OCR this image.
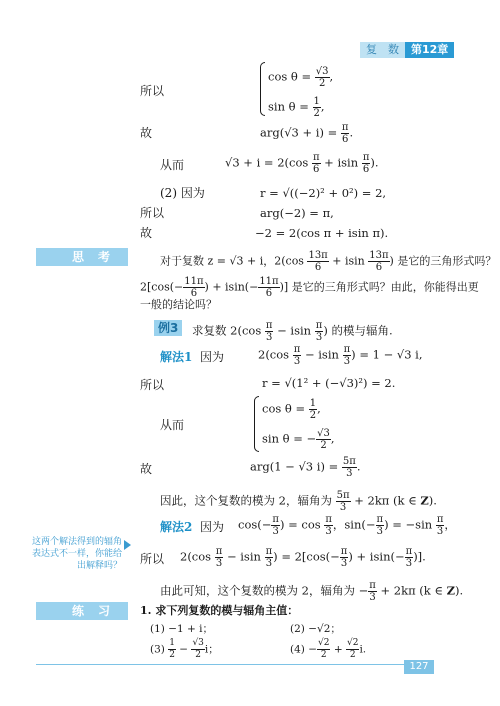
复　数	第12章
所以
$\cos \theta = \frac{√3}{2}$ ,
$\sin \theta = \frac{1}{2}$ ,
故	$arg(√3 + i) = \frac{\pi}{6}$ .
从而	$√3 + i = 2(\cos \frac{\pi}{6} + isin \frac{\pi}{6}$ ).
(2) 因为	r = √((−2)² + 0²) = 2,
所以	arg(−2) = π,
故	−2 = 2(cos π + isin π).
思考	对于复数 z = √3 + i，$2(\cos \frac{13\pi}{6} + isin \frac{13\pi}{6}$ ) 是它的三角形式吗？
$2[\cos(- \frac{11\pi}{6}$ ) + $isin(- \frac{11\pi}{6}$ )] 是它的三角形式吗？由此，你能得出更
一般的结论吗？
例3	求复数 $2(\cos \frac{\pi}{3} - isin \frac{\pi}{3}$ ) 的模与辐角.
解法1 因为	$2(\cos \frac{\pi}{3} - isin \frac{\pi}{3}$ ) = 1 − √3 i,
所以	r = √(1² + (−√3)²) = 2.
从而
$\cos \theta = \frac{1}{2}$ ,
sin θ = − $\frac{√3}{2}$ ,
故	arg(1 − √3 $i) = \frac{5\pi}{3}$ .
因此，这个复数的模为 2，辐角为 $\frac{5\pi}{3} + 2k\pi$ (k ∈ Z).
解法2 因为 $\cos(- \frac{\pi}{3}$ ) = $\cos \frac{\pi}{3}$ ，$\sin(- \frac{\pi}{3}$ ) = $-\sin \frac{\pi}{3}$ ，
这两个解法得到的辐角表达式不一样，你能给出解释吗？ 所以 $2(\cos \frac{\pi}{3} - isin \frac{\pi}{3}$ ) = $2[\cos(- \frac{\pi}{3}$ ) + $isin(- \frac{\pi}{3}$ )].
由此可知，这个复数的模为 2，辐角为 − $\frac{\pi}{3} + 2k\pi$ (k ∈ Z).
练习	1. 求下列复数的模与辐角主值：
(1) −1 + i；	(2) −√2；
$(3) \frac{1}{2} - \frac{√3}{2}$ i；	$(4) - \frac{√2}{2} + \frac{√2}{2} i$.
127
